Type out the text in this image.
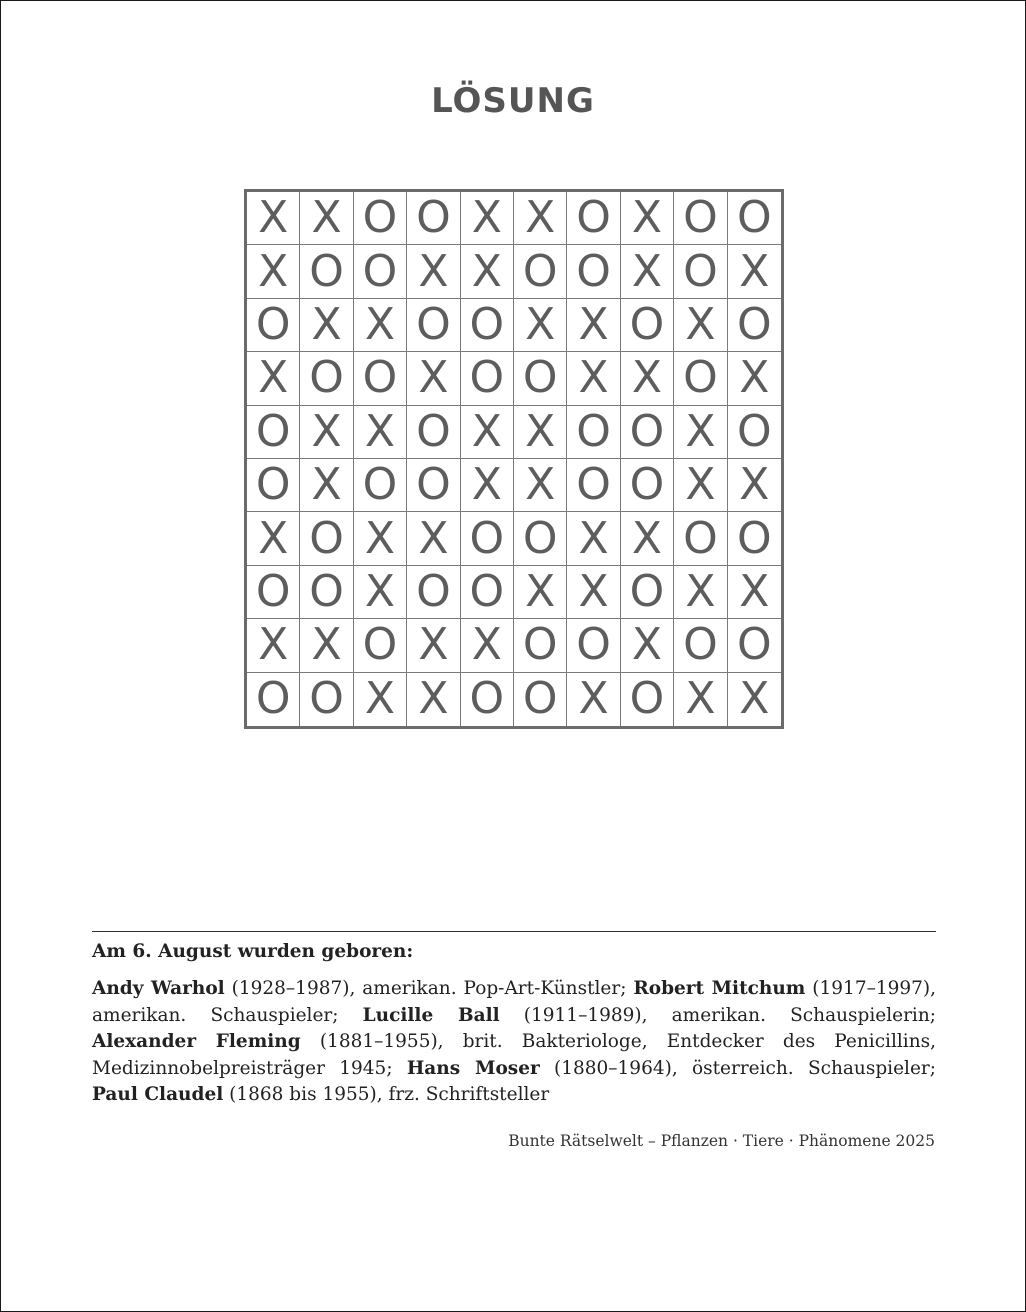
LÖSUNG
X X O O X X O X O O
X O O X X O O X O X
O X X O O X X O X O
X O O X O O X X O X
O X X O X X O O X O
O X O O X X O O X X
X O X X O O X X O O
O O X O O X X O X X
X X O X X O O X O O
O O X X O O X O X X
Am 6. August wurden geboren:

Andy Warhol (1928–1987), amerikan. Pop-Art-Künstler; Robert Mitchum (1917–1997), amerikan. Schauspieler; Lucille Ball (1911–1989), amerikan. Schauspielerin; Alexander Fleming (1881–1955), brit. Bakteriologe, Entdecker des Penicillins, Medizinnobelpreisträger 1945; Hans Moser (1880–1964), österreich. Schauspieler; Paul Claudel (1868 bis 1955), frz. Schriftsteller

Bunte Rätselwelt – Pflanzen · Tiere · Phänomene 2025
